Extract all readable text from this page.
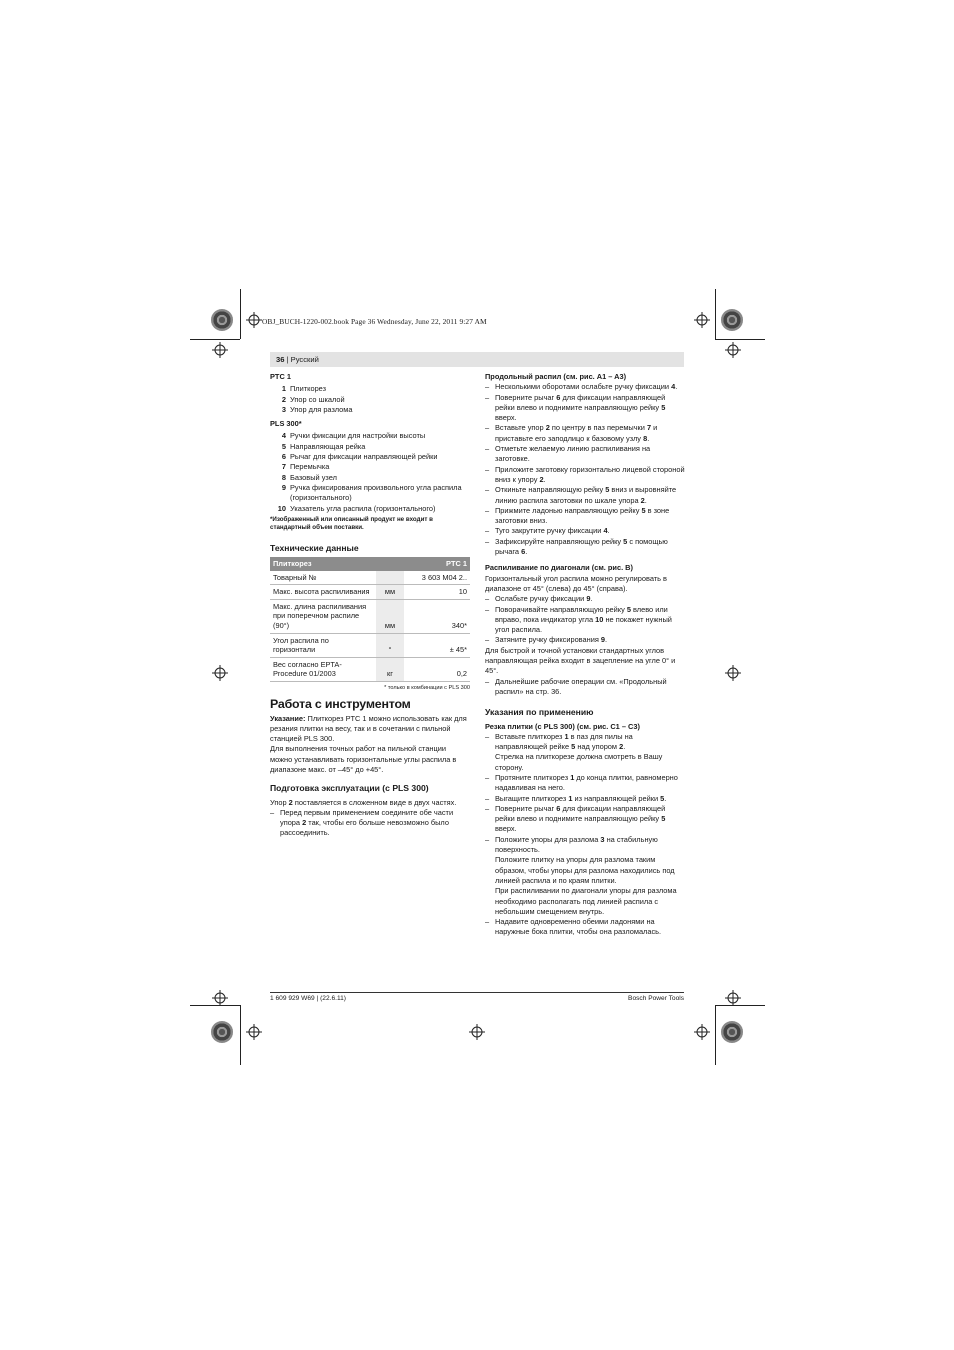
OBJ_BUCH-1220-002.book Page 36 Wednesday, June 22, 2011 9:27 AM
36 | Русский
PTC 1
1 Плиткорез
2 Упор со шкалой
3 Упор для разлома
PLS 300*
4 Ручки фиксации для настройки высоты
5 Направляющая рейка
6 Рычаг для фиксации направляющей рейки
7 Перемычка
8 Базовый узел
9 Ручка фиксирования произвольного угла распила (горизонтального)
10 Указатель угла распила (горизонтального)
*Изображенный или описанный продукт не входит в стандартный объем поставки.
Технические данные
Плиткорез		PTC 1
Товарный №		3 603 M04 2..
Макс. высота распиливания	мм	10
Макс. длина распиливания при поперечном распиле (90°)	мм	340*
Угол распила по горизонтали	°	± 45*
Вес согласно EPTA-Procedure 01/2003	кг	0,2
* только в комбинации с PLS 300
Работа с инструментом

Указание: Плиткорез PTC 1 можно использовать как для резания плитки на весу, так и в сочетании с пильной станцией PLS 300.

Для выполнения точных работ на пильной станции можно устанавливать горизонтальные углы распила в диапазоне макс. от –45° до +45°.

Подготовка эксплуатации (с PLS 300)

Упор 2 поставляется в сложенном виде в двух частях.

– Перед первым применением соедините обе части упора 2 так, чтобы его больше невозможно было рассоединить.
Продольный распил (см. рис. A1 – A3)
– Несколькими оборотами ослабьте ручку фиксации 4.
– Поверните рычаг 6 для фиксации направляющей рейки влево и поднимите направляющую рейку 5 вверх.
– Вставьте упор 2 по центру в паз перемычки 7 и приставьте его заподлицо к базовому узлу 8.
– Отметьте желаемую линию распиливания на заготовке.
– Приложите заготовку горизонтально лицевой стороной вниз к упору 2.
– Откиньте направляющую рейку 5 вниз и выровняйте линию распила заготовки по шкале упора 2.
– Прижмите ладонью направляющую рейку 5 в зоне заготовки вниз.
– Туго закрутите ручку фиксации 4.
– Зафиксируйте направляющую рейку 5 с помощью рычага 6.
Распиливание по диагонали (см. рис. B)

Горизонтальный угол распила можно регулировать в диапазоне от 45° (слева) до 45° (справа).

– Ослабьте ручку фиксации 9.
– Поворачивайте направляющую рейку 5 влево или вправо, пока индикатор угла 10 не покажет нужный угол распила.
– Затяните ручку фиксирования 9.

Для быстрой и точной установки стандартных углов направляющая рейка входит в зацепление на угле 0° и 45°.

– Дальнейшие рабочие операции см. «Продольный распил» на стр. 36.
Указания по применению
Резка плитки (с PLS 300) (см. рис. C1 – C3)
– Вставьте плиткорез 1 в паз для пилы на направляющей рейке 5 над упором 2.
Стрелка на плиткорезе должна смотреть в Вашу сторону.
– Протяните плиткорез 1 до конца плитки, равномерно надавливая на него.
– Выгащите плиткорез 1 из направляющей рейки 5.
– Поверните рычаг 6 для фиксации направляющей рейки влево и поднимите направляющую рейку 5 вверх.
– Положите упоры для разлома 3 на стабильную поверхность.
Положите плитку на упоры для разлома таким образом, чтобы упоры для разлома находились под линией распила и по краям плитки.
При распиливании по диагонали упоры для разлома необходимо располагать под линией распила с небольшим смещением внутрь.
– Надавите одновременно обеими ладонями на наружные бока плитки, чтобы она разломалась.
1 609 929 W69 | (22.6.11)	Bosch Power Tools
